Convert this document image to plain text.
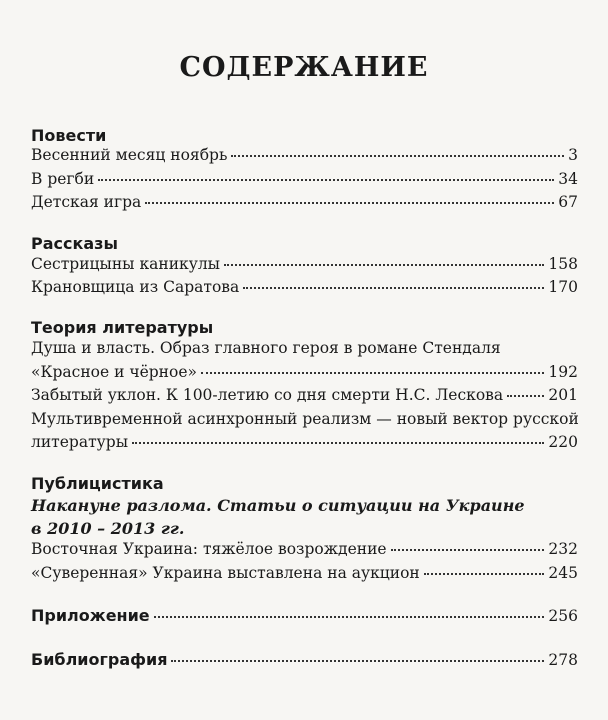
СОДЕРЖАНИЕ
Повести
Весенний месяц ноябрь	3
В регби	34
Детская игра	67
Рассказы
Сестрицыны каникулы	158
Крановщица из Саратова	170
Теория литературы
Душа и власть. Образ главного героя в романе Стендаля
«Красное и чёрное»	192
Забытый уклон. К 100-летию со дня смерти Н.С. Лескова	201
Мультивременной асинхронный реализм — новый вектор русской
литературы	220
Публицистика
Накануне разлома. Статьи о ситуации на Украине
в 2010 – 2013 гг.
Восточная Украина: тяжёлое возрождение	232
«Суверенная» Украина выставлена на аукцион	245
Приложение	256
Библиография	278
